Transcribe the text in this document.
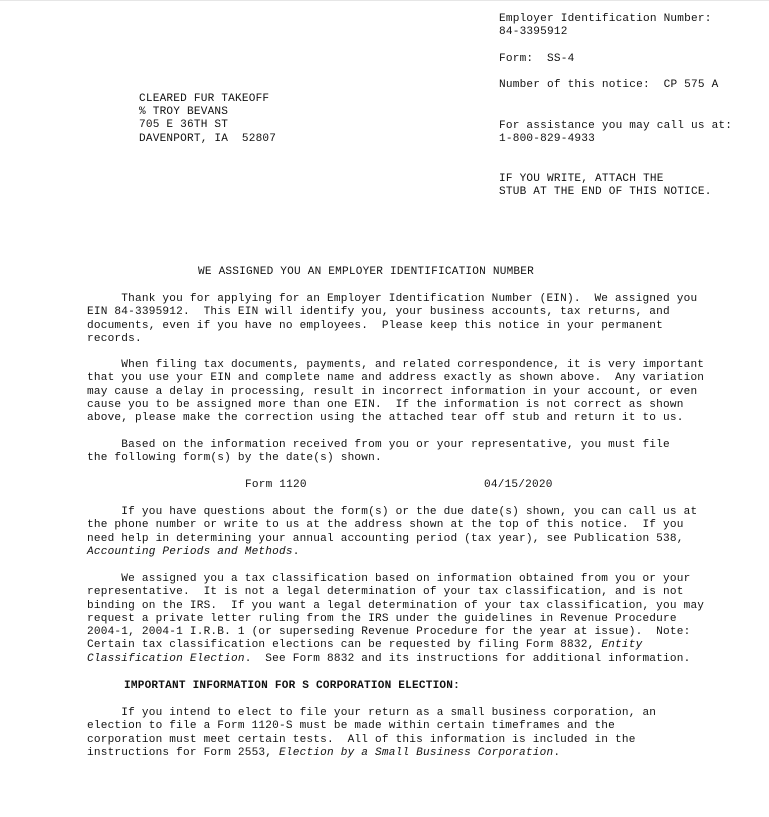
Employer Identification Number:
84-3395912
Form: SS-4
Number of this notice: CP 575 A
For assistance you may call us at:
1-800-829-4933
IF YOU WRITE, ATTACH THE
STUB AT THE END OF THIS NOTICE.
CLEARED FUR TAKEOFF
% TROY BEVANS
705 E 36TH ST
DAVENPORT, IA  52807
WE ASSIGNED YOU AN EMPLOYER IDENTIFICATION NUMBER
Thank you for applying for an Employer Identification Number (EIN).  We assigned you
EIN 84-3395912.  This EIN will identify you, your business accounts, tax returns, and
documents, even if you have no employees.  Please keep this notice in your permanent
records.
When filing tax documents, payments, and related correspondence, it is very important
that you use your EIN and complete name and address exactly as shown above.  Any variation
may cause a delay in processing, result in incorrect information in your account, or even
cause you to be assigned more than one EIN.  If the information is not correct as shown
above, please make the correction using the attached tear off stub and return it to us.
Based on the information received from you or your representative, you must file
the following form(s) by the date(s) shown.
Form 1120	04/15/2020
If you have questions about the form(s) or the due date(s) shown, you can call us at
the phone number or write to us at the address shown at the top of this notice.  If you
need help in determining your annual accounting period (tax year), see Publication 538,
Accounting Periods and Methods.
We assigned you a tax classification based on information obtained from you or your
representative.  It is not a legal determination of your tax classification, and is not
binding on the IRS.  If you want a legal determination of your tax classification, you may
request a private letter ruling from the IRS under the guidelines in Revenue Procedure
2004-1, 2004-1 I.R.B. 1 (or superseding Revenue Procedure for the year at issue).  Note:
Certain tax classification elections can be requested by filing Form 8832, Entity
Classification Election.  See Form 8832 and its instructions for additional information.
IMPORTANT INFORMATION FOR S CORPORATION ELECTION:
If you intend to elect to file your return as a small business corporation, an
election to file a Form 1120-S must be made within certain timeframes and the
corporation must meet certain tests.  All of this information is included in the
instructions for Form 2553, Election by a Small Business Corporation.
